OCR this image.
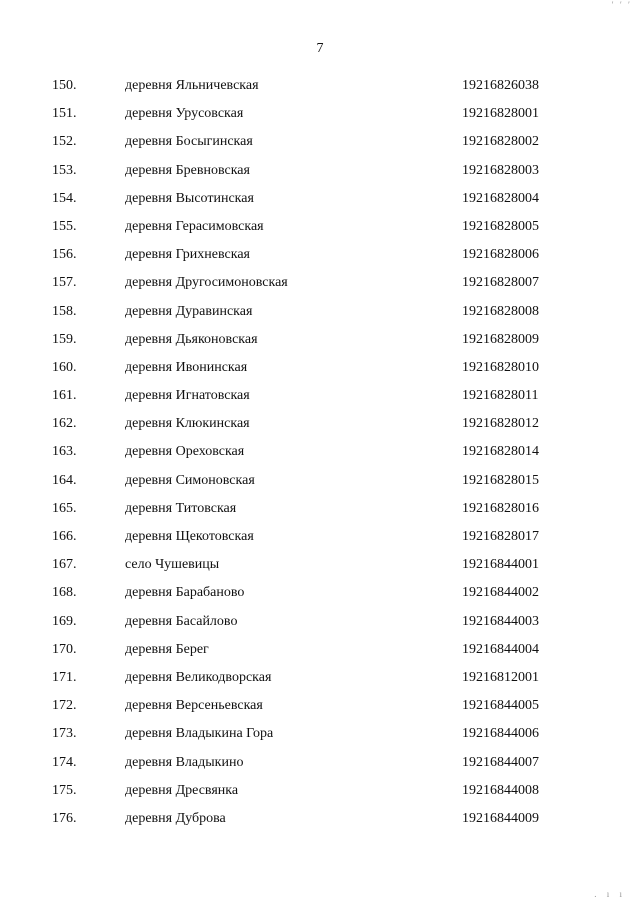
′ ′ ′
7
150.	деревня Яльничевская	19216826038
151.	деревня Урусовская	19216828001
152.	деревня Босыгинская	19216828002
153.	деревня Бревновская	19216828003
154.	деревня Высотинская	19216828004
155.	деревня Герасимовская	19216828005
156.	деревня Грихневская	19216828006
157.	деревня Другосимоновская	19216828007
158.	деревня Дуравинская	19216828008
159.	деревня Дьяконовская	19216828009
160.	деревня Ивонинская	19216828010
161.	деревня Игнатовская	19216828011
162.	деревня Клюкинская	19216828012
163.	деревня Ореховская	19216828014
164.	деревня Симоновская	19216828015
165.	деревня Титовская	19216828016
166.	деревня Щекотовская	19216828017
167.	село Чушевицы	19216844001
168.	деревня Барабаново	19216844002
169.	деревня Басайлово	19216844003
170.	деревня Берег	19216844004
171.	деревня Великодворская	19216812001
172.	деревня Версеньевская	19216844005
173.	деревня Владыкина Гора	19216844006
174.	деревня Владыкино	19216844007
175.	деревня Дресвянка	19216844008
176.	деревня Дуброва	19216844009
. ı ı
